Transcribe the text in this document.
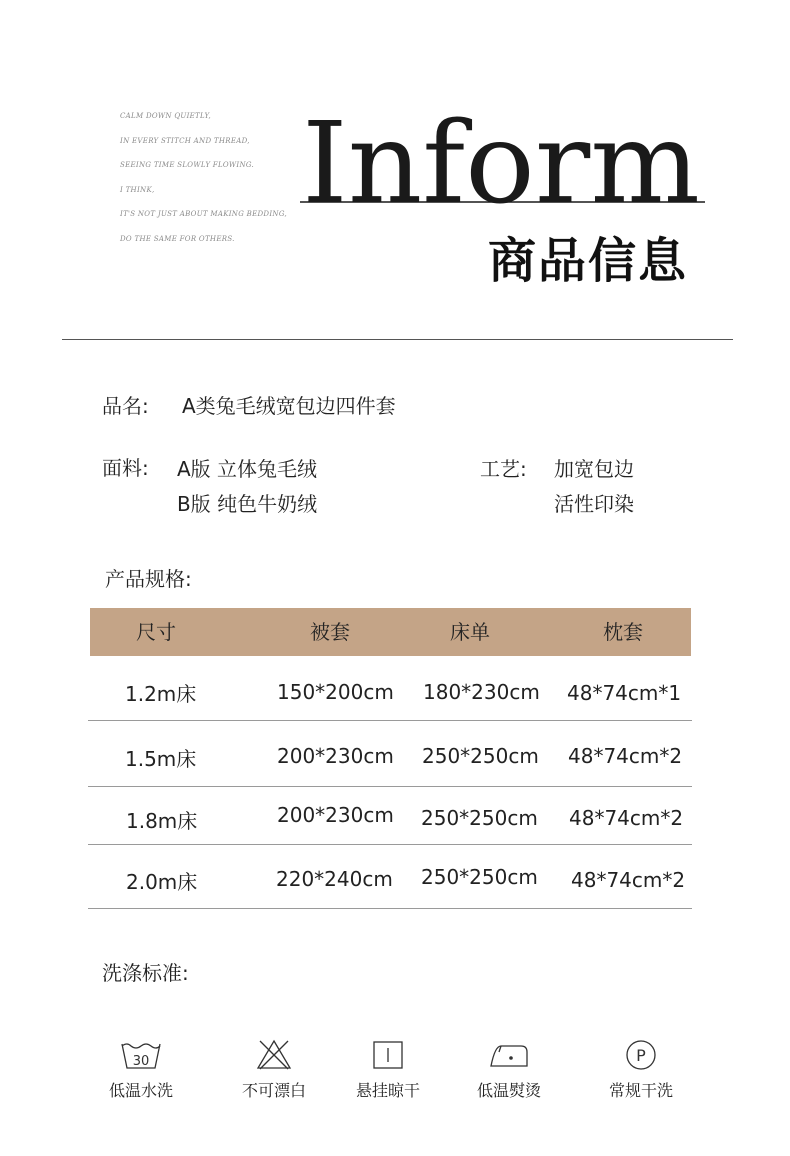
CALM DOWN QUIETLY,
IN EVERY STITCH AND THREAD,
SEEING TIME SLOWLY FLOWING.
I THINK,
IT'S NOT JUST ABOUT MAKING BEDDING,
DO THE SAME FOR OTHERS.
Inform
商品信息
品名: A类兔毛绒宽包边四件套
面料: A版 立体兔毛绒
B版 纯色牛奶绒
工艺: 加宽包边
活性印染
产品规格:
尺寸	被套	床单	枕套
1.2m床	150*200cm 180*230cm 48*74cm*1
1.5m床	200*230cm 250*250cm 48*74cm*2
1.8m床	200*230cm 250*250cm 48*74cm*2
2.0m床	220*240cm 250*250cm 48*74cm*2
洗涤标准:
30
低温水洗	不可漂白	悬挂晾干	低温熨烫
P
常规干洗
